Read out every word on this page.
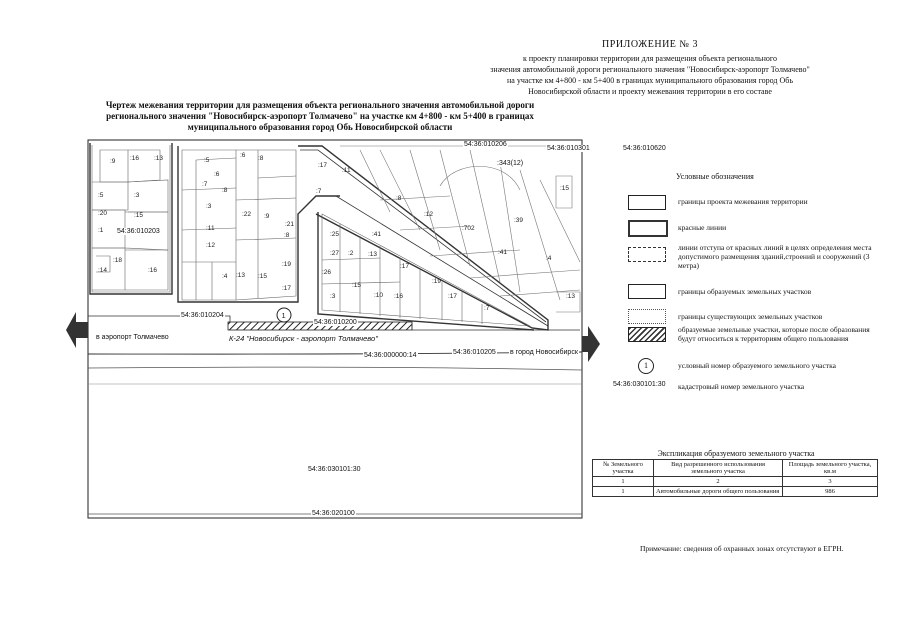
ПРИЛОЖЕНИЕ № 3
к проекту планировки территории для размещения объекта регионального
значения автомобильной дороги регионального значения "Новосибирск-аэропорт Толмачево"
на участке км 4+800 - км 5+400 в границах муниципального образования город Обь
Новосибирской области и проекту межевания территории в его составе
Чертеж межевания территории для размещения объекта регионального значения автомобильной дороги
регионального значения "Новосибирск-аэропорт Толмачево" на участке км 4+800 - км 5+400 в границах
муниципального образования город Обь Новосибирской области
1
:9 :16 :13
:5	:3
:20	:15
:1
:14
:18
:16
:7
:5
:6
:3
:11
:12
:4 :13 :15
:8
:9
:22
:21
:8
:19
:17
:25
:27
:26
:2 :13
:15
:10 :16
:3
:19
:17
:7
:8
:12
:41
:702
:39
:41
:15
:4
:13
:7
:6 :8
:17
:11
:17
54:36:010206
54:36:010301	54:36:010620
:343(12)
54:36:010203
54:36:010204
54:36:010200
в аэропорт Толмачево	К-24 "Новосибирск - аэропорт Толмачево"
54:36:000000:14	54:36:010205 в город Новосибирск
54:36:030101:30
54:36:030101:30
54:36:020100
Условные обозначения
границы проекта межевания территории
красные линии
линии отступа от красных линий в целях определения места допустимого размещения зданий,строений и сооружений (3 метра)
границы образуемых земельных участков
границы существующих земельных участков
образуемые земельные участки, которые после образования будут относиться к территориям общего пользования
1	условный номер образуемого земельного участка
кадастровый номер земельного участка
Экспликация образуемого земельного участка
№ Земельного участка	Вид разрешенного использования земельного участка	Площадь земельного участка, кв.м
1	2	3
1	Автомобильные дороги общего пользования	986
Примечание: сведения об охранных зонах отсутствуют в ЕГРН.
